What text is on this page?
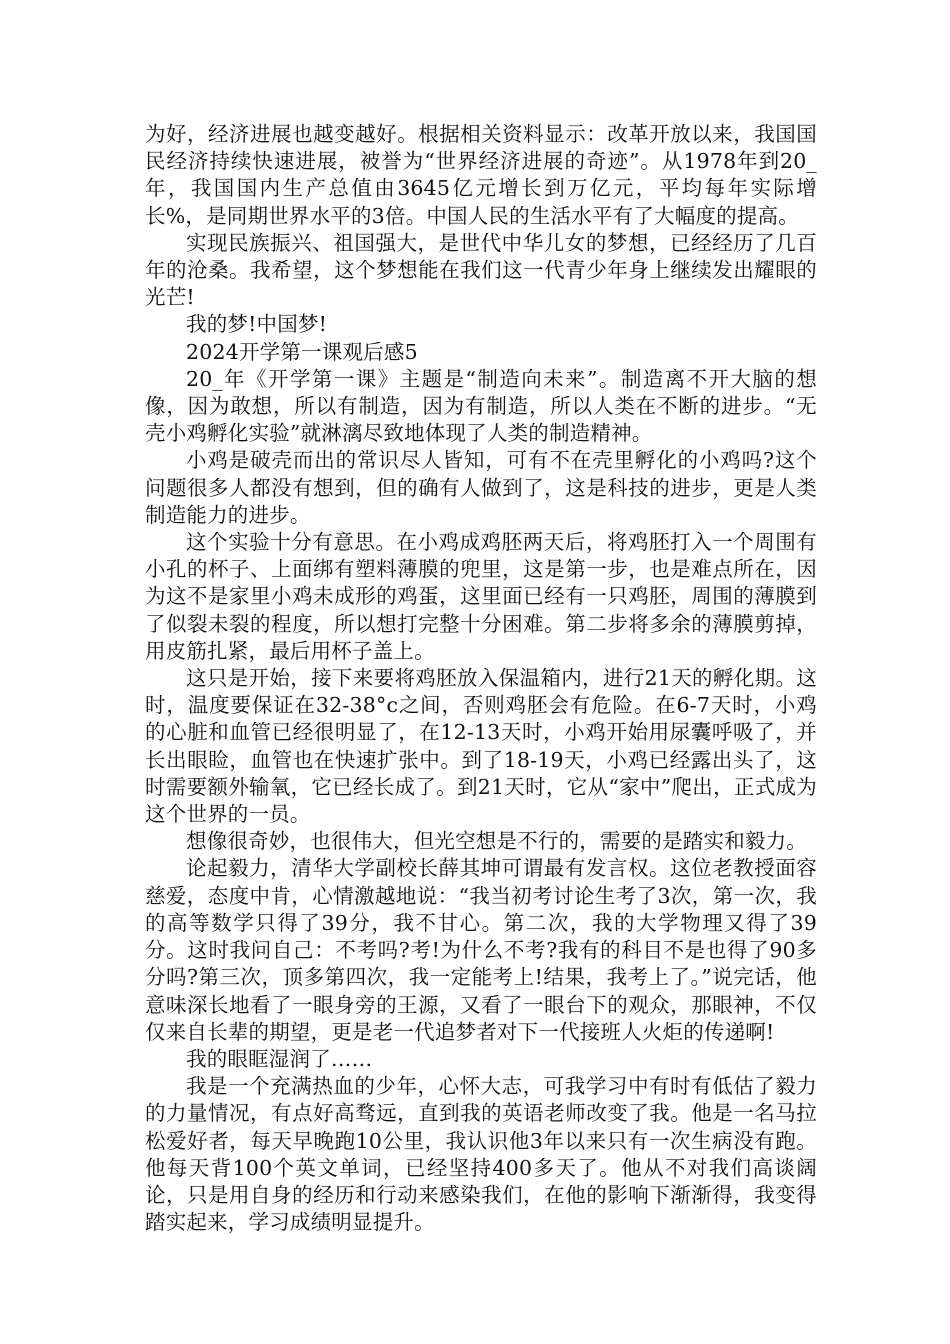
为好，经济进展也越变越好。根据相关资料显示：改革开放以来，我国国民经济持续快速进展，被誉为“世界经济进展的奇迹”。从1978年到20_年，我国国内生产总值由3645亿元增长到万亿元，平均每年实际增长%，是同期世界水平的3倍。中国人民的生活水平有了大幅度的提高。

实现民族振兴、祖国强大，是世代中华儿女的梦想，已经经历了几百年的沧桑。我希望，这个梦想能在我们这一代青少年身上继续发出耀眼的光芒!

我的梦!中国梦!

2024开学第一课观后感5

20_年《开学第一课》主题是“制造向未来”。制造离不开大脑的想像，因为敢想，所以有制造，因为有制造，所以人类在不断的进步。“无壳小鸡孵化实验”就淋漓尽致地体现了人类的制造精神。

小鸡是破壳而出的常识尽人皆知，可有不在壳里孵化的小鸡吗?这个问题很多人都没有想到，但的确有人做到了，这是科技的进步，更是人类制造能力的进步。

这个实验十分有意思。在小鸡成鸡胚两天后，将鸡胚打入一个周围有小孔的杯子、上面绑有塑料薄膜的兜里，这是第一步，也是难点所在，因为这不是家里小鸡未成形的鸡蛋，这里面已经有一只鸡胚，周围的薄膜到了似裂未裂的程度，所以想打完整十分困难。第二步将多余的薄膜剪掉，用皮筋扎紧，最后用杯子盖上。

这只是开始，接下来要将鸡胚放入保温箱内，进行21天的孵化期。这时，温度要保证在32-38°c之间，否则鸡胚会有危险。在6-7天时，小鸡的心脏和血管已经很明显了，在12-13天时，小鸡开始用尿囊呼吸了，并长出眼睑，血管也在快速扩张中。到了18-19天，小鸡已经露出头了，这时需要额外输氧，它已经长成了。到21天时，它从“家中”爬出，正式成为这个世界的一员。

想像很奇妙，也很伟大，但光空想是不行的，需要的是踏实和毅力。

论起毅力，清华大学副校长薛其坤可谓最有发言权。这位老教授面容慈爱，态度中肯，心情激越地说：“我当初考讨论生考了3次，第一次，我的高等数学只得了39分，我不甘心。第二次，我的大学物理又得了39分。这时我问自己：不考吗?考!为什么不考?我有的科目不是也得了90多分吗?第三次，顶多第四次，我一定能考上!结果，我考上了。”说完话，他意味深长地看了一眼身旁的王源，又看了一眼台下的观众，那眼神，不仅仅来自长辈的期望，更是老一代追梦者对下一代接班人火炬的传递啊!

我的眼眶湿润了……

我是一个充满热血的少年，心怀大志，可我学习中有时有低估了毅力的力量情况，有点好高骛远，直到我的英语老师改变了我。他是一名马拉松爱好者，每天早晚跑10公里，我认识他3年以来只有一次生病没有跑。他每天背100个英文单词，已经坚持400多天了。他从不对我们高谈阔论，只是用自身的经历和行动来感染我们，在他的影响下渐渐得，我变得踏实起来，学习成绩明显提升。
